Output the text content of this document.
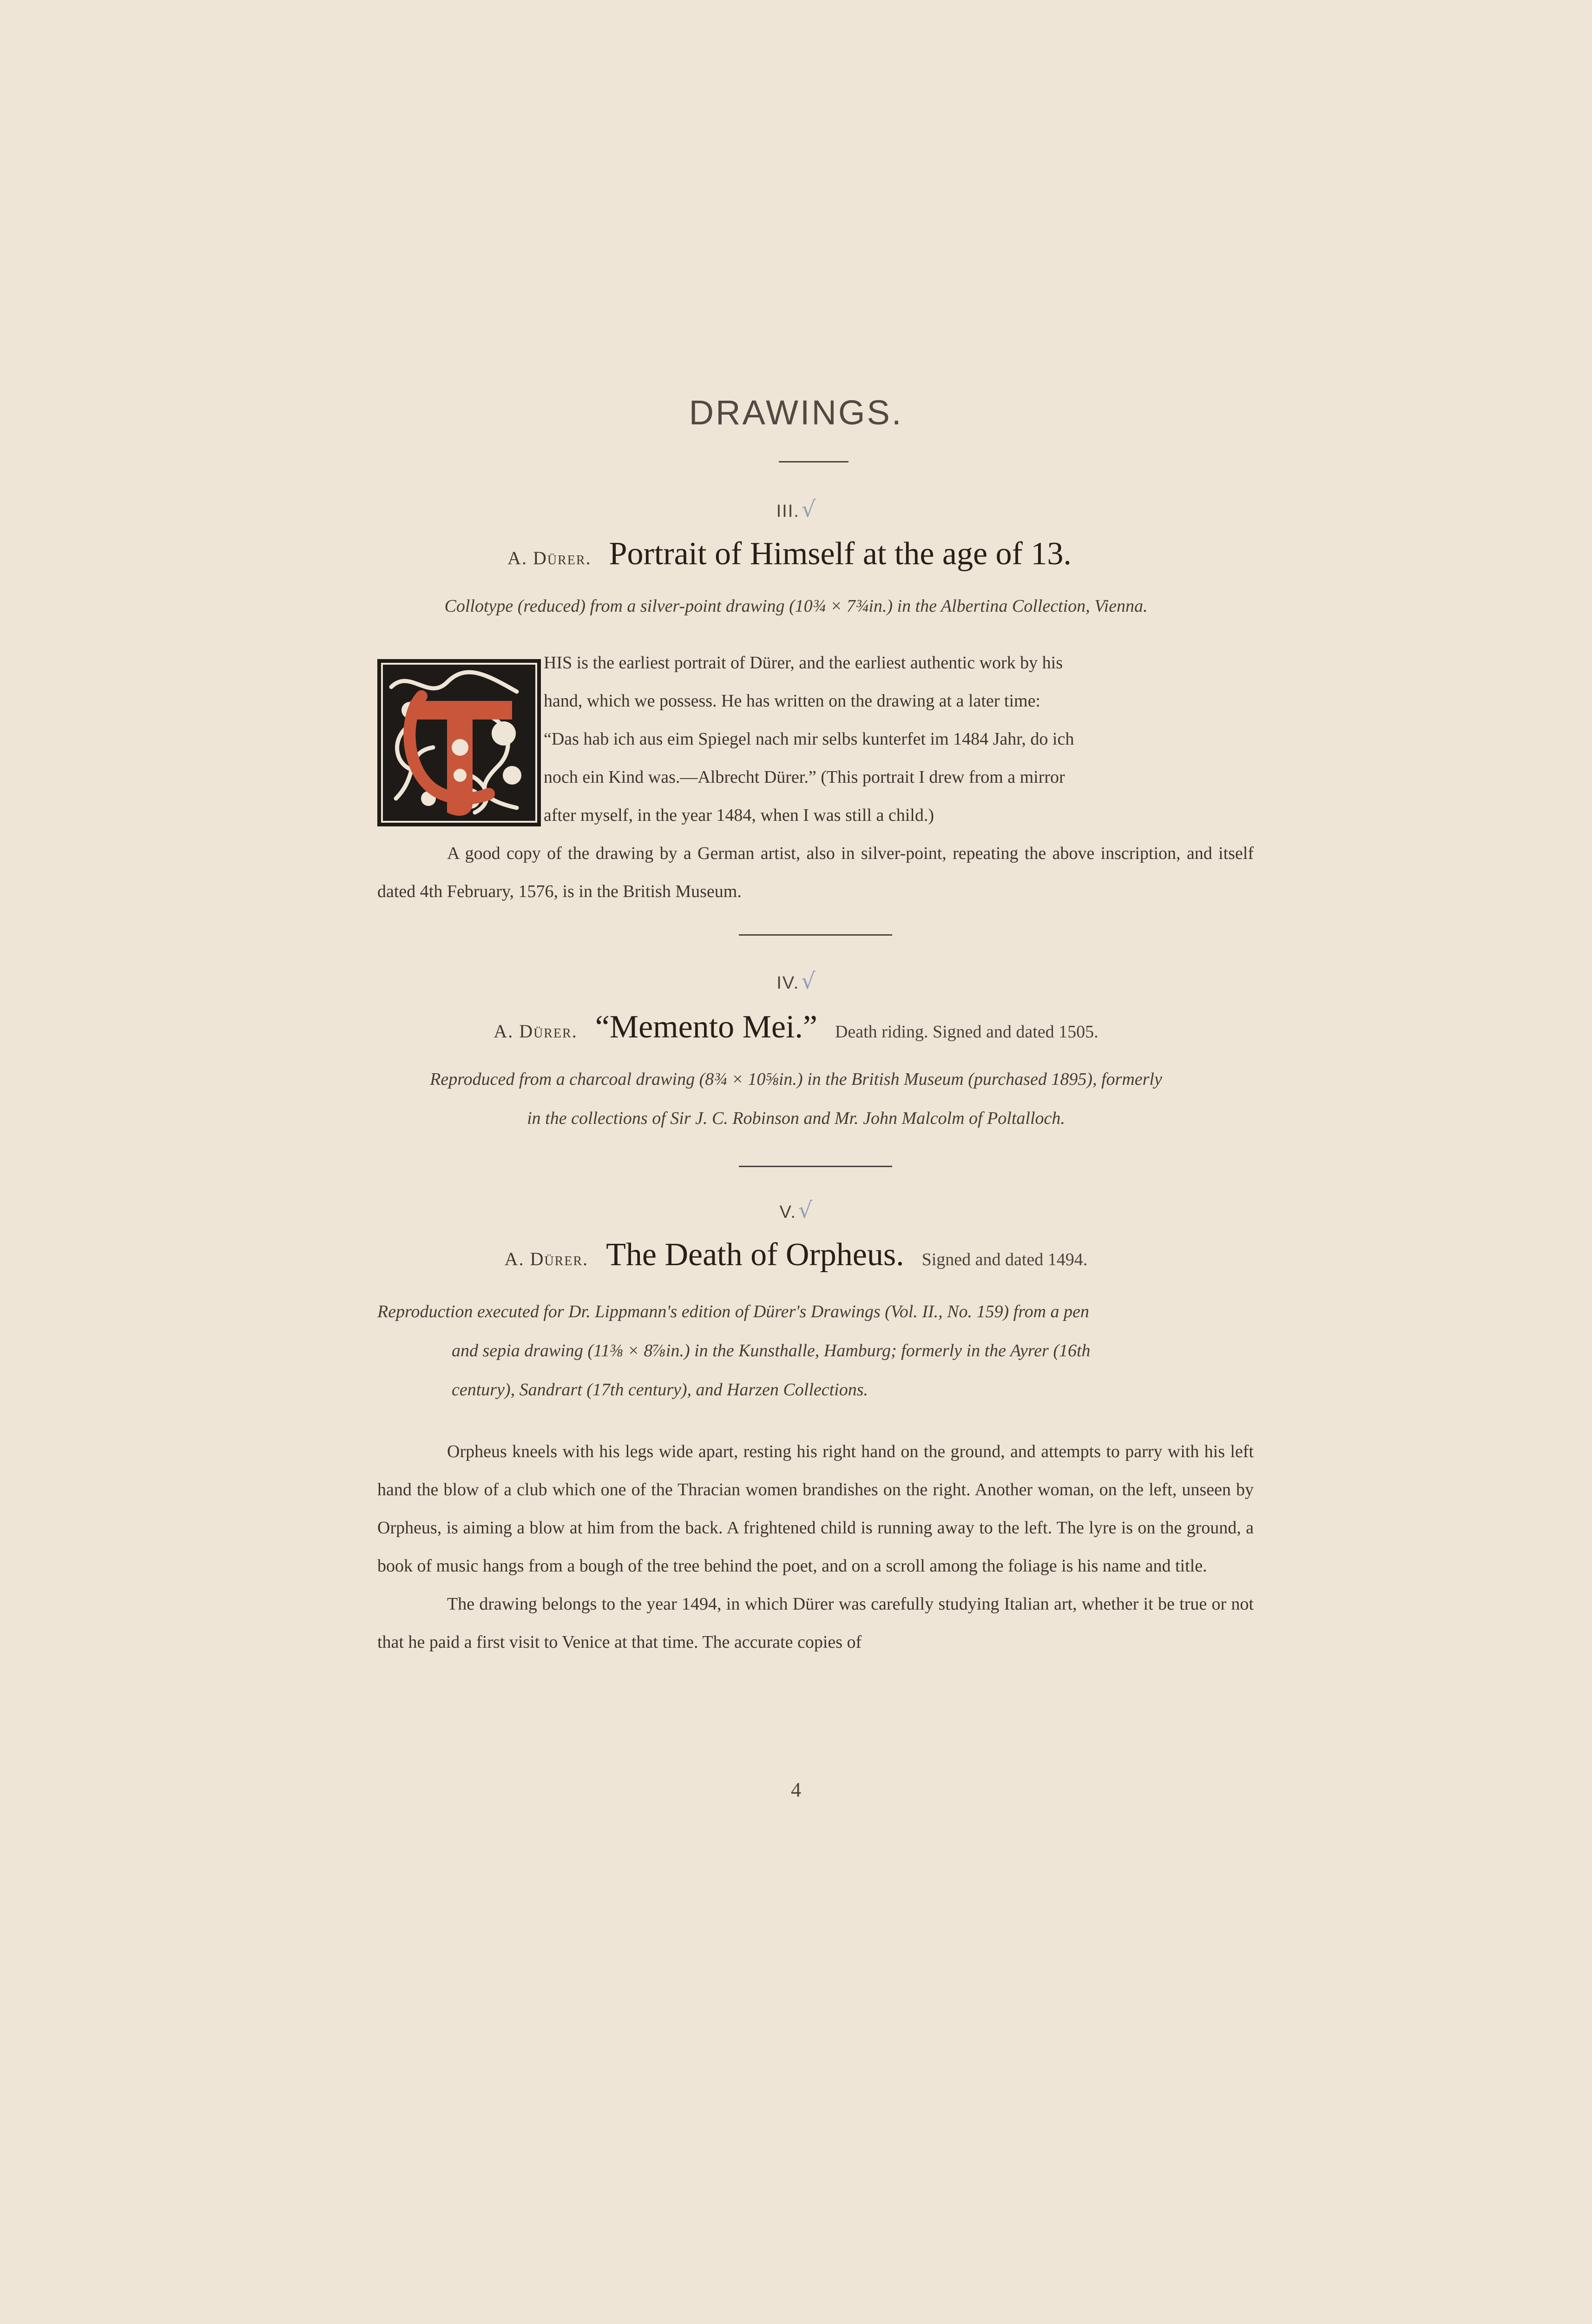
DRAWINGS.
III. √
A. Dürer. Portrait of Himself at the age of 13.
Collotype (reduced) from a silver-point drawing (10¾ × 7¾in.) in the Albertina Collection, Vienna.

HIS is the earliest portrait of Dürer, and the earliest authentic work by his

hand, which we possess. He has written on the drawing at a later time:

“Das hab ich aus eim Spiegel nach mir selbs kunterfet im 1484 Jahr, do ich

noch ein Kind was.—Albrecht Dürer.” (This portrait I drew from a mirror

after myself, in the year 1484, when I was still a child.)

A good copy of the drawing by a German artist, also in silver-point, repeating the above inscription, and itself dated 4th February, 1576, is in the British Museum.

IV. √
A. Dürer. “Memento Mei.” Death riding. Signed and dated 1505.
Reproduced from a charcoal drawing (8¾ × 10⅝in.) in the British Museum (purchased 1895), formerly
in the collections of Sir J. C. Robinson and Mr. John Malcolm of Poltalloch.
V. √
A. Dürer. The Death of Orpheus. Signed and dated 1494.
Reproduction executed for Dr. Lippmann's edition of Dürer's Drawings (Vol. II., No. 159) from a pen
and sepia drawing (11⅜ × 8⅞in.) in the Kunsthalle, Hamburg; formerly in the Ayrer (16th
century), Sandrart (17th century), and Harzen Collections.

Orpheus kneels with his legs wide apart, resting his right hand on the ground, and attempts to parry with his left hand the blow of a club which one of the Thracian women brandishes on the right. Another woman, on the left, unseen by Orpheus, is aiming a blow at him from the back. A frightened child is running away to the left. The lyre is on the ground, a book of music hangs from a bough of the tree behind the poet, and on a scroll among the foliage is his name and title.

The drawing belongs to the year 1494, in which Dürer was carefully studying Italian art, whether it be true or not that he paid a first visit to Venice at that time. The accurate copies of

4
